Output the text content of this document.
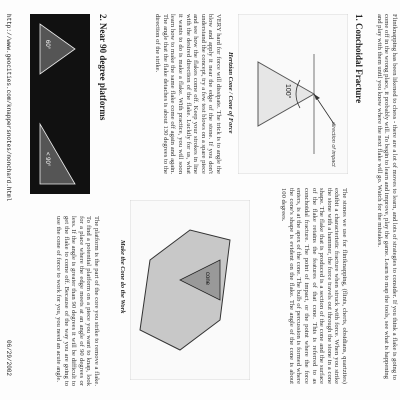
Flintknapping has been likened to chess - there are a lot of moves to learn, and lots of strategies to consider. If you think a flake is going to come off in the wrong place, it probably will. To begin to learn and improve, play the game. Learn to map the tools, see what is happening and play with them until you know where the next flake will go. Watch for the mistakes.
1. Conchoidal Fracture
100°
direction of impact
Hertzian Cone / Cone of Force
The stones we use for flintknapping, (flints, cherts, obsidians, quartzites) exhibit a characteristic fracture when struck with force. When you strike the stone with a hammer, the force travels out through the stone in a cone shape. The flake that is produced is a section of the cone and the surface of the flake retains the features of that cone. This is referred to as conchoidal fracture. The point of impact, or the point where the force enters, is at the apex of the cone. The bulb of percussion is formed where the cone's shape is evident on the flake. The angle of the cone is about 100 degrees.
VERY hard for force will dissipate. The trick is to angle the blow and apply it near the edge of the stone. If you don't understand the concept, try a few test blows on a spare piece and see how the flakes come off. Keep your strokes in line with the desired direction of the flake. Luckily for us, what it wants to do is make a flake. With practice, you will soon learn how to make the same flake come off again and again. The angle that the flake detaches is about 130 degrees to the direction of the strike.
cone
Make the Cone do the Work
2. Near 90 degree platforms
The platform is the part of the core you strike to remove a flake. To find a potential platform on a piece you want to knap, look for a place where the edge meets at an angle of 90 degrees or less. If the angle is greater than 90 degrees it will be difficult to get the flake to come off. Because of the way you are going to use the cone of force to work for you, you need an acute angle.
60°
< 90°
http://www.geocities.com/knappersnotes/nonchard.html
06/29/2002
